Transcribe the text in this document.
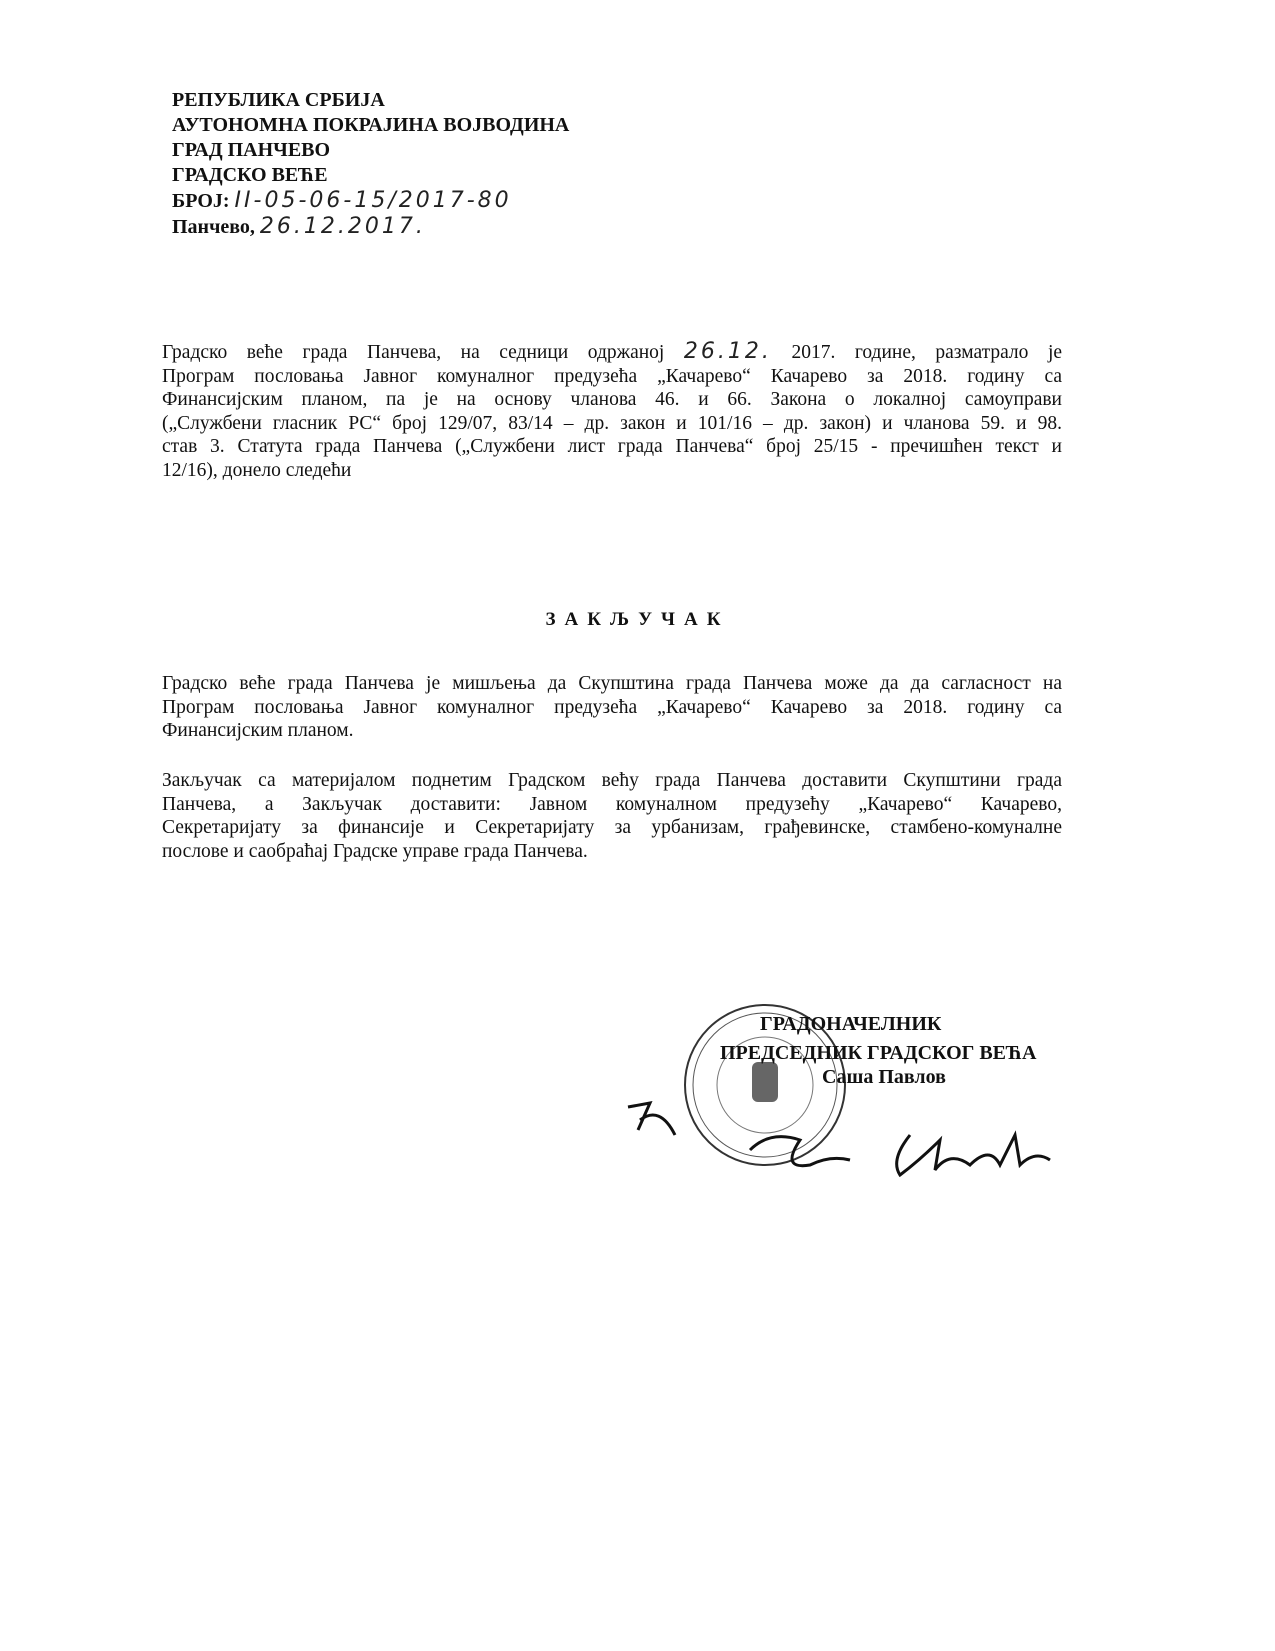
РЕПУБЛИКА СРБИЈА
АУТОНОМНА ПОКРАЈИНА ВОЈВОДИНА
ГРАД ПАНЧЕВО
ГРАДСКО ВЕЋЕ
БРОЈ: II-05-06-15/2017-80
Панчево, 26.12.2017.
Градско веће града Панчева, на седници одржаној 26.12. 2017. године, разматрало је
Програм пословања Јавног комуналног предузећа „Качарево“ Качарево за 2018. годину са
Финансијским планом, па је на основу чланова 46. и 66. Закона о локалној самоуправи
(„Службени гласник РС“ број 129/07, 83/14 – др. закон и 101/16 – др. закон) и чланова 59. и 98.
став 3. Статута града Панчева („Службени лист града Панчева“ број 25/15 - пречишћен текст и
12/16), донело следећи
ЗАКЉУЧАК
Градско веће града Панчева је мишљења да Скупштина града Панчева може да да сагласност на
Програм пословања Јавног комуналног предузећа „Качарево“ Качарево за 2018. годину са
Финансијским планом.
Закључак са материјалом поднетим Градском већу града Панчева доставити Скупштини града
Панчева, а Закључак доставити: Јавном комуналном предузећу „Качарево“ Качарево,
Секретаријату за финансије и Секретаријату за урбанизам, грађевинске, стамбено-комуналне
послове и саобраћај Градске управе града Панчева.
ГРАДОНАЧЕЛНИК
ПРЕДСЕДНИК ГРАДСКОГ ВЕЋА
Саша Павлов
